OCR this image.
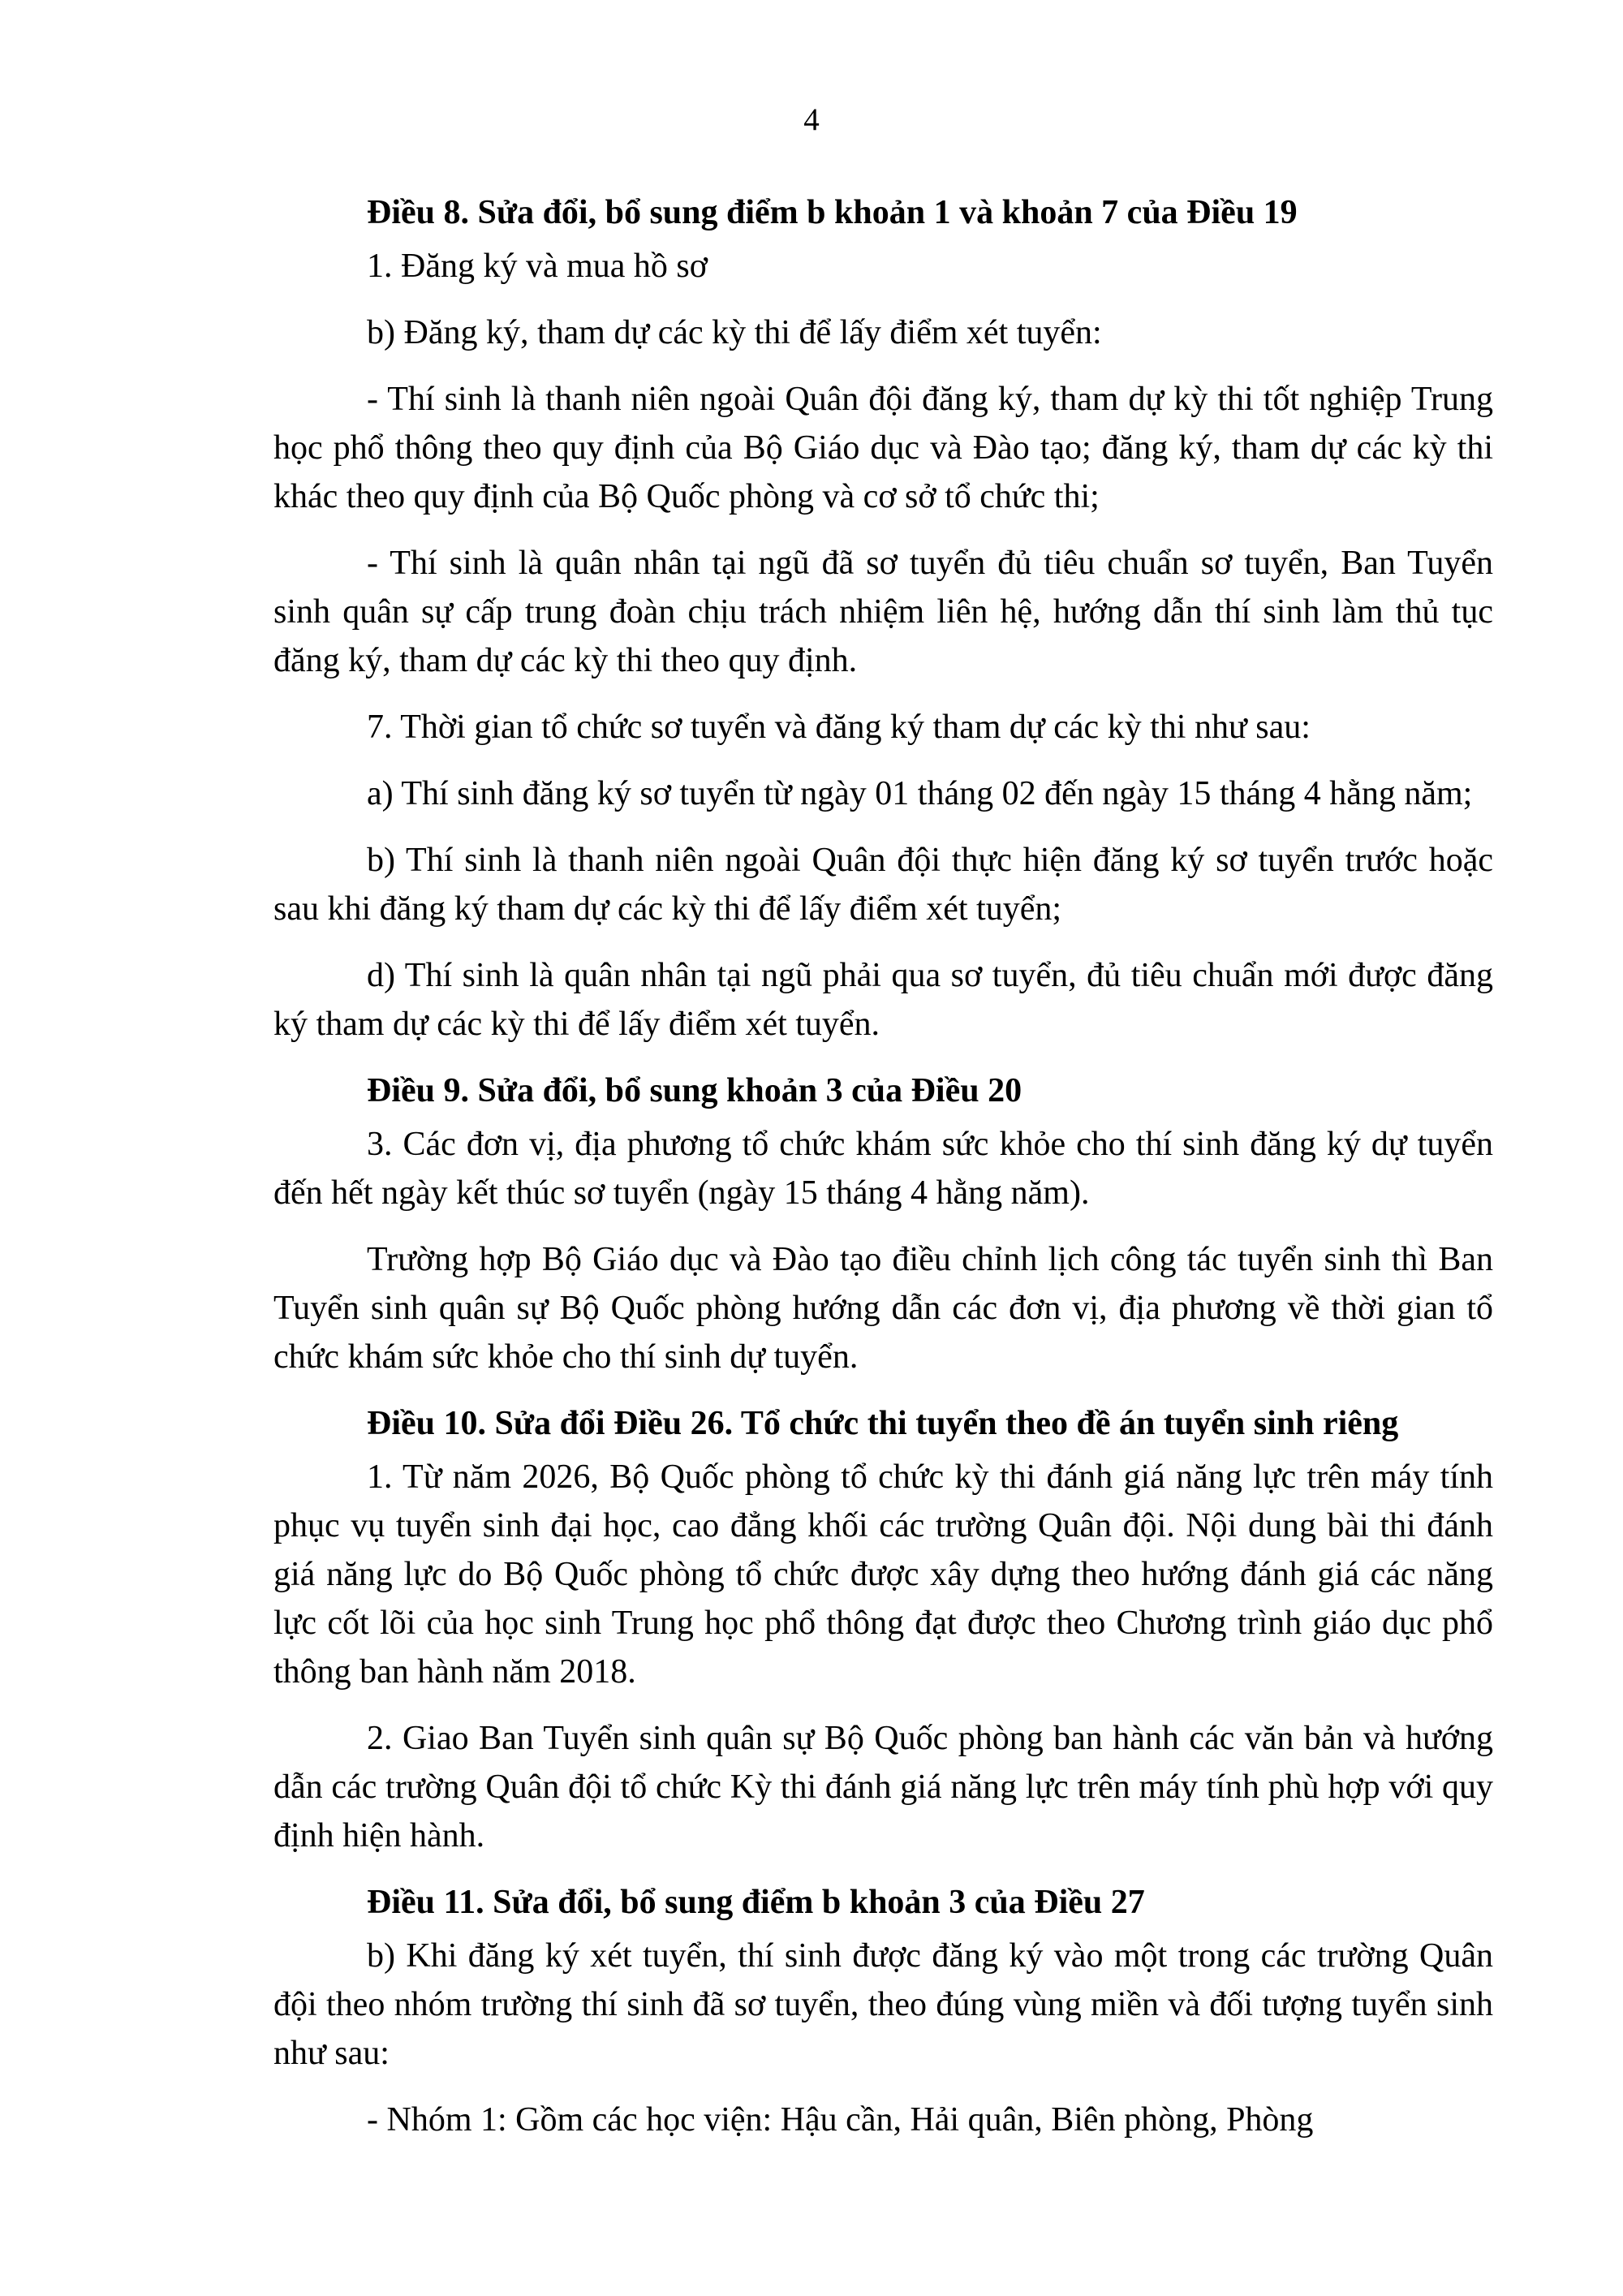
4

Điều 8. Sửa đổi, bổ sung điểm b khoản 1 và khoản 7 của Điều 19

1. Đăng ký và mua hồ sơ

b) Đăng ký, tham dự các kỳ thi để lấy điểm xét tuyển:

- Thí sinh là thanh niên ngoài Quân đội đăng ký, tham dự kỳ thi tốt nghiệp Trung học phổ thông theo quy định của Bộ Giáo dục và Đào tạo; đăng ký, tham dự các kỳ thi khác theo quy định của Bộ Quốc phòng và cơ sở tổ chức thi;

- Thí sinh là quân nhân tại ngũ đã sơ tuyển đủ tiêu chuẩn sơ tuyển, Ban Tuyển sinh quân sự cấp trung đoàn chịu trách nhiệm liên hệ, hướng dẫn thí sinh làm thủ tục đăng ký, tham dự các kỳ thi theo quy định.

7. Thời gian tổ chức sơ tuyển và đăng ký tham dự các kỳ thi như sau:

a) Thí sinh đăng ký sơ tuyển từ ngày 01 tháng 02 đến ngày 15 tháng 4 hằng năm;

b) Thí sinh là thanh niên ngoài Quân đội thực hiện đăng ký sơ tuyển trước hoặc sau khi đăng ký tham dự các kỳ thi để lấy điểm xét tuyển;

d) Thí sinh là quân nhân tại ngũ phải qua sơ tuyển, đủ tiêu chuẩn mới được đăng ký tham dự các kỳ thi để lấy điểm xét tuyển.

Điều 9. Sửa đổi, bổ sung khoản 3 của Điều 20

3. Các đơn vị, địa phương tổ chức khám sức khỏe cho thí sinh đăng ký dự tuyển đến hết ngày kết thúc sơ tuyển (ngày 15 tháng 4 hằng năm).

Trường hợp Bộ Giáo dục và Đào tạo điều chỉnh lịch công tác tuyển sinh thì Ban Tuyển sinh quân sự Bộ Quốc phòng hướng dẫn các đơn vị, địa phương về thời gian tổ chức khám sức khỏe cho thí sinh dự tuyển.

Điều 10. Sửa đổi Điều 26. Tổ chức thi tuyển theo đề án tuyển sinh riêng

1. Từ năm 2026, Bộ Quốc phòng tổ chức kỳ thi đánh giá năng lực trên máy tính phục vụ tuyển sinh đại học, cao đẳng khối các trường Quân đội. Nội dung bài thi đánh giá năng lực do Bộ Quốc phòng tổ chức được xây dựng theo hướng đánh giá các năng lực cốt lõi của học sinh Trung học phổ thông đạt được theo Chương trình giáo dục phổ thông ban hành năm 2018.

2. Giao Ban Tuyển sinh quân sự Bộ Quốc phòng ban hành các văn bản và hướng dẫn các trường Quân đội tổ chức Kỳ thi đánh giá năng lực trên máy tính phù hợp với quy định hiện hành.

Điều 11. Sửa đổi, bổ sung điểm b khoản 3 của Điều 27

b) Khi đăng ký xét tuyển, thí sinh được đăng ký vào một trong các trường Quân đội theo nhóm trường thí sinh đã sơ tuyển, theo đúng vùng miền và đối tượng tuyển sinh như sau:

- Nhóm 1: Gồm các học viện: Hậu cần, Hải quân, Biên phòng, Phòng
